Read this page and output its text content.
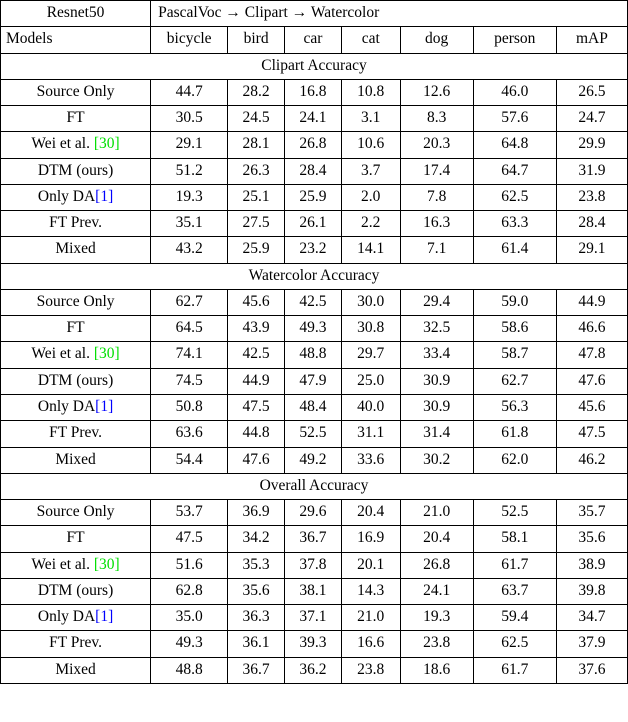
Resnet50	PascalVoc → Clipart → Watercolor						
Models	bicycle	bird	car	cat	dog	person	mAP
Clipart Accuracy							
Source Only	44.7	28.2	16.8	10.8	12.6	46.0	26.5
FT	30.5	24.5	24.1	3.1	8.3	57.6	24.7
Wei et al. [30]	29.1	28.1	26.8	10.6	20.3	64.8	29.9
DTM (ours)	51.2	26.3	28.4	3.7	17.4	64.7	31.9
Only DA[1]	19.3	25.1	25.9	2.0	7.8	62.5	23.8
FT Prev.	35.1	27.5	26.1	2.2	16.3	63.3	28.4
Mixed	43.2	25.9	23.2	14.1	7.1	61.4	29.1
Watercolor Accuracy							
Source Only	62.7	45.6	42.5	30.0	29.4	59.0	44.9
FT	64.5	43.9	49.3	30.8	32.5	58.6	46.6
Wei et al. [30]	74.1	42.5	48.8	29.7	33.4	58.7	47.8
DTM (ours)	74.5	44.9	47.9	25.0	30.9	62.7	47.6
Only DA[1]	50.8	47.5	48.4	40.0	30.9	56.3	45.6
FT Prev.	63.6	44.8	52.5	31.1	31.4	61.8	47.5
Mixed	54.4	47.6	49.2	33.6	30.2	62.0	46.2
Overall Accuracy							
Source Only	53.7	36.9	29.6	20.4	21.0	52.5	35.7
FT	47.5	34.2	36.7	16.9	20.4	58.1	35.6
Wei et al. [30]	51.6	35.3	37.8	20.1	26.8	61.7	38.9
DTM (ours)	62.8	35.6	38.1	14.3	24.1	63.7	39.8
Only DA[1]	35.0	36.3	37.1	21.0	19.3	59.4	34.7
FT Prev.	49.3	36.1	39.3	16.6	23.8	62.5	37.9
Mixed	48.8	36.7	36.2	23.8	18.6	61.7	37.6
